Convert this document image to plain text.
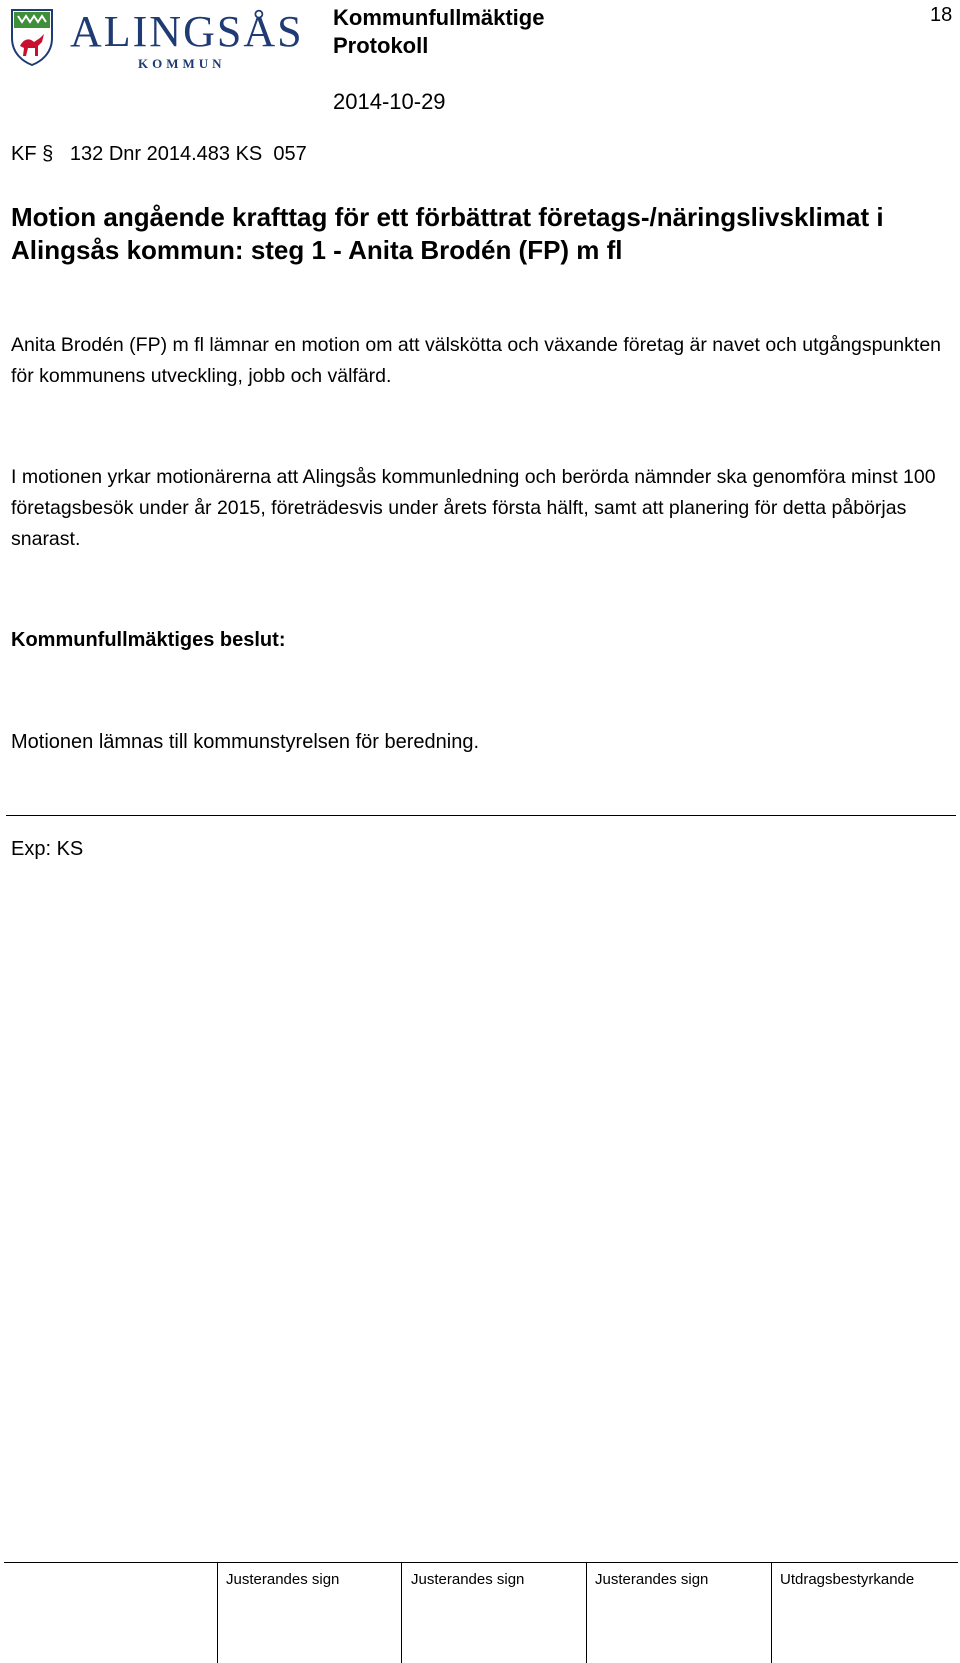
ALINGSÅS
KOMMUN
Kommunfullmäktige
Protokoll
2014-10-29
18
KF §   132 Dnr 2014.483 KS  057
Motion angående krafttag för ett förbättrat företags-/näringslivsklimat i Alingsås kommun: steg 1 - Anita Brodén (FP) m fl
Anita Brodén (FP) m fl lämnar en motion om att välskötta och växande företag är navet och utgångspunkten för kommunens utveckling, jobb och välfärd.
I motionen yrkar motionärerna att Alingsås kommunledning och berörda nämnder ska genomföra minst 100 företagsbesök under år 2015, företrädesvis under årets första hälft, samt att planering för detta påbörjas snarast.
Kommunfullmäktiges beslut:
Motionen lämnas till kommunstyrelsen för beredning.
Exp: KS
Justerandes sign	Justerandes sign	Justerandes sign	Utdragsbestyrkande
